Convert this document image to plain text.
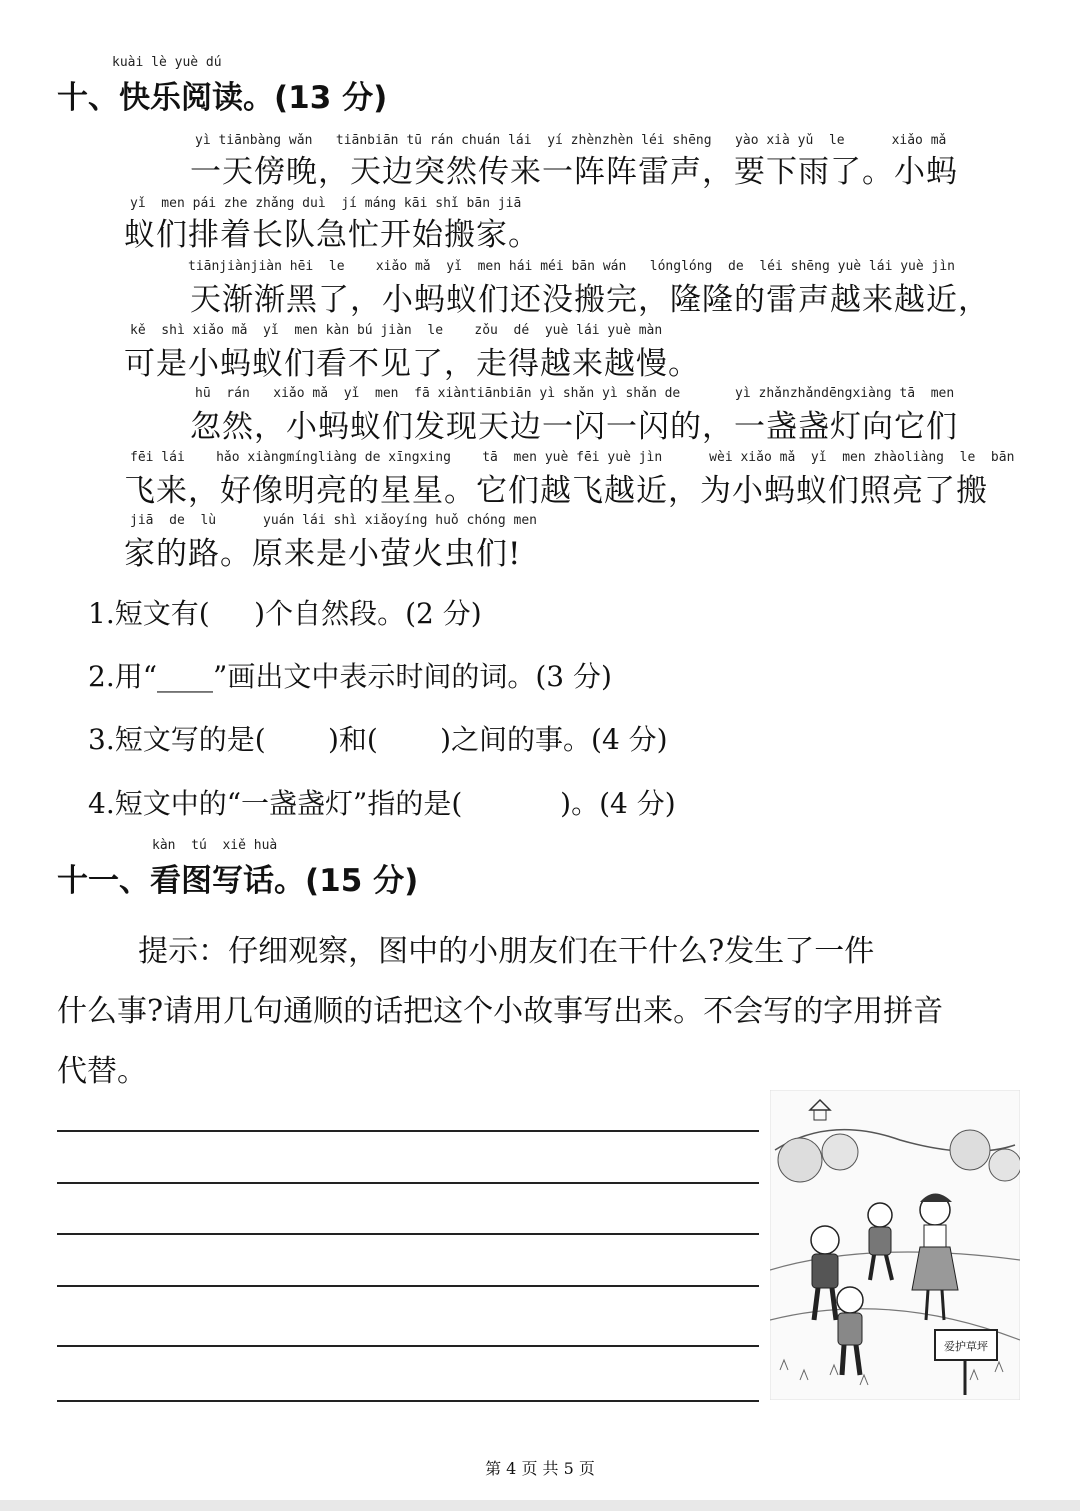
kuài lè yuè dú
十、快乐阅读。(13 分)
yì tiānbàng wǎn   tiānbiān tū rán chuán lái  yí zhènzhèn léi shēng   yào xià yǔ  le      xiǎo mǎ
一天傍晚，天边突然传来一阵阵雷声，要下雨了。小蚂
yǐ  men pái zhe zhǎng duì  jí máng kāi shǐ bān jiā
蚁们排着长队急忙开始搬家。
tiānjiànjiàn hēi  le    xiǎo mǎ  yǐ  men hái méi bān wán   lónglóng  de  léi shēng yuè lái yuè jìn
天渐渐黑了，小蚂蚁们还没搬完，隆隆的雷声越来越近，
kě  shì xiǎo mǎ  yǐ  men kàn bú jiàn  le    zǒu  dé  yuè lái yuè màn
可是小蚂蚁们看不见了，走得越来越慢。
hū  rán   xiǎo mǎ  yǐ  men  fā xiàntiānbiān yì shǎn yì shǎn de       yì zhǎnzhǎndēngxiàng tā  men
忽然，小蚂蚁们发现天边一闪一闪的，一盏盏灯向它们
fēi lái    hǎo xiàngmíngliàng de xīngxing    tā  men yuè fēi yuè jìn      wèi xiǎo mǎ  yǐ  men zhàoliàng  le  bān
飞来，好像明亮的星星。它们越飞越近，为小蚂蚁们照亮了搬
jiā  de  lù      yuán lái shì xiǎoyíng huǒ chóng men
家的路。原来是小萤火虫们!
1.短文有(     )个自然段。(2 分)
2.用“____”画出文中表示时间的词。(3 分)
3.短文写的是(       )和(       )之间的事。(4 分)
4.短文中的“一盏盏灯”指的是(           )。(4 分)
kàn  tú  xiě huà
十一、看图写话。(15 分)
提示：仔细观察，图中的小朋友们在干什么?发生了一件
什么事?请用几句通顺的话把这个小故事写出来。不会写的字用拼音
代替。
爱护草坪
第 4 页 共 5 页
